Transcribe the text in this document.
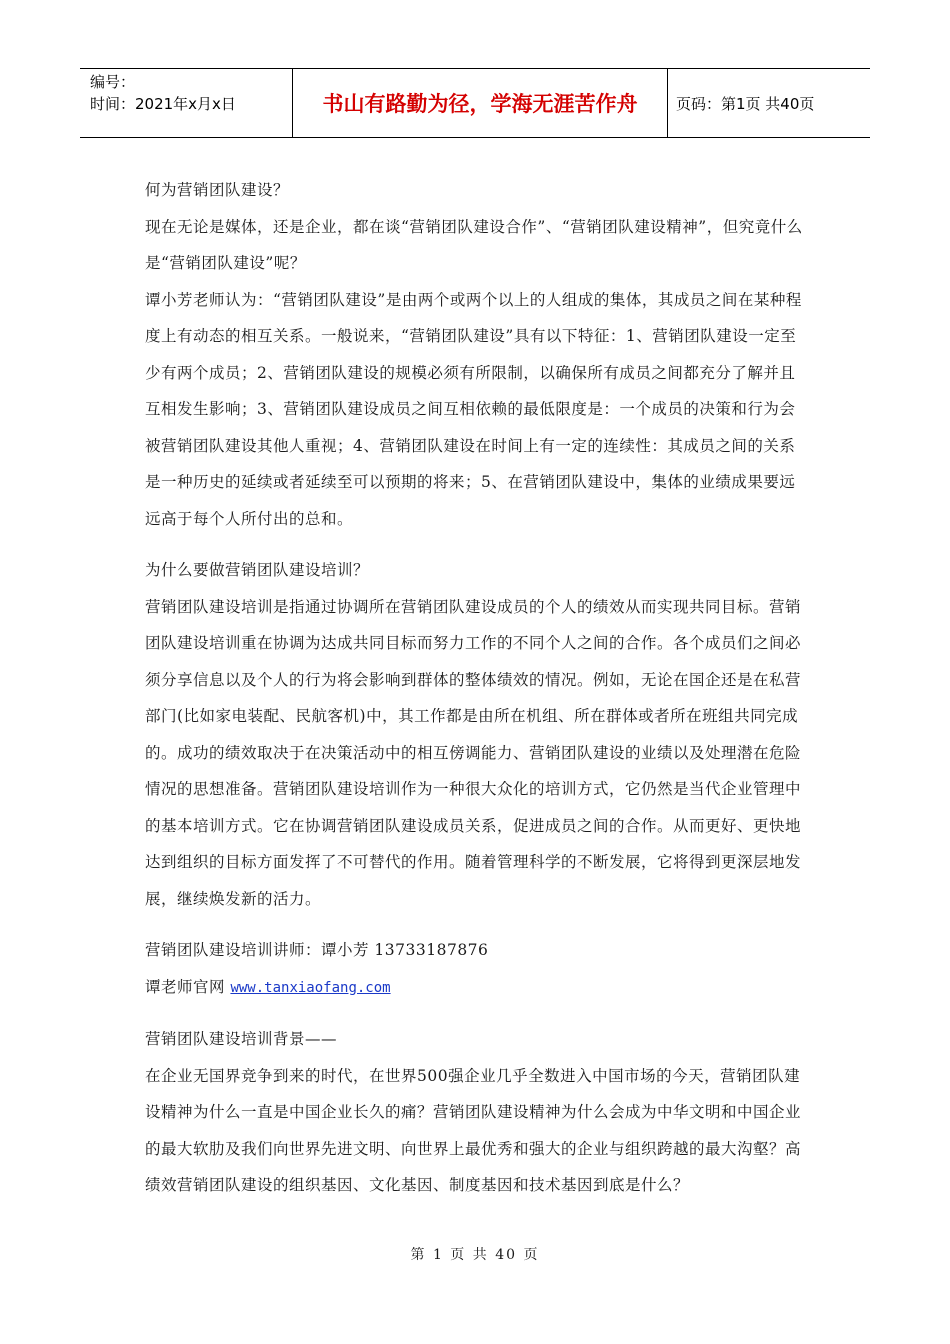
编号：
时间：2021年x月x日	书山有路勤为径，学海无涯苦作舟	页码：第1页 共40页

何为营销团队建设？

现在无论是媒体，还是企业，都在谈“营销团队建设合作”、“营销团队建设精神”，但究竟什么是“营销团队建设”呢？

谭小芳老师认为：“营销团队建设”是由两个或两个以上的人组成的集体，其成员之间在某种程度上有动态的相互关系。一般说来，“营销团队建设”具有以下特征：1、营销团队建设一定至少有两个成员；2、营销团队建设的规模必须有所限制，以确保所有成员之间都充分了解并且互相发生影响；3、营销团队建设成员之间互相依赖的最低限度是：一个成员的决策和行为会被营销团队建设其他人重视；4、营销团队建设在时间上有一定的连续性：其成员之间的关系是一种历史的延续或者延续至可以预期的将来；5、在营销团队建设中，集体的业绩成果要远远高于每个人所付出的总和。

为什么要做营销团队建设培训？

营销团队建设培训是指通过协调所在营销团队建设成员的个人的绩效从而实现共同目标。营销团队建设培训重在协调为达成共同目标而努力工作的不同个人之间的合作。各个成员们之间必须分享信息以及个人的行为将会影响到群体的整体绩效的情况。例如，无论在国企还是在私营部门(比如家电装配、民航客机)中，其工作都是由所在机组、所在群体或者所在班组共同完成的。成功的绩效取决于在决策活动中的相互傍调能力、营销团队建设的业绩以及处理潜在危险情况的思想准备。营销团队建设培训作为一种很大众化的培训方式，它仍然是当代企业管理中的基本培训方式。它在协调营销团队建设成员关系，促进成员之间的合作。从而更好、更快地达到组织的目标方面发挥了不可替代的作用。随着管理科学的不断发展，它将得到更深层地发展，继续焕发新的活力。

营销团队建设培训讲师：谭小芳 13733187876

谭老师官网 www.tanxiaofang.com

营销团队建设培训背景——

在企业无国界竞争到来的时代，在世界500强企业几乎全数进入中国市场的今天，营销团队建设精神为什么一直是中国企业长久的痛？营销团队建设精神为什么会成为中华文明和中国企业的最大软肋及我们向世界先进文明、向世界上最优秀和强大的企业与组织跨越的最大沟壑？高绩效营销团队建设的组织基因、文化基因、制度基因和技术基因到底是什么？

第 1 页 共 40 页
